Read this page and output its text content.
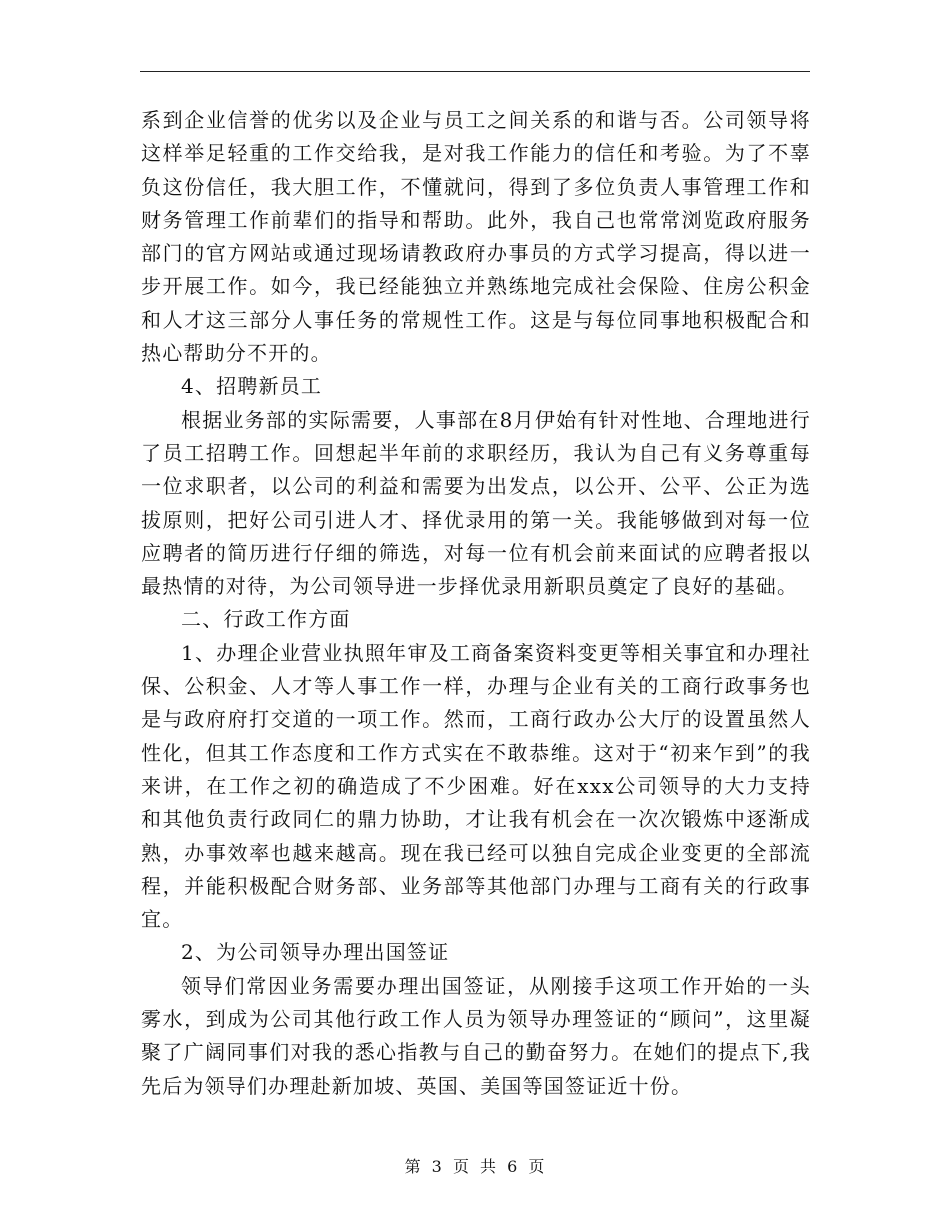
系到企业信誉的优劣以及企业与员工之间关系的和谐与否。公司领导将这样举足轻重的工作交给我，是对我工作能力的信任和考验。为了不辜负这份信任，我大胆工作，不懂就问，得到了多位负责人事管理工作和财务管理工作前辈们的指导和帮助。此外，我自己也常常浏览政府服务部门的官方网站或通过现场请教政府办事员的方式学习提高，得以进一步开展工作。如今，我已经能独立并熟练地完成社会保险、住房公积金和人才这三部分人事任务的常规性工作。这是与每位同事地积极配合和热心帮助分不开的。

4、招聘新员工

根据业务部的实际需要，人事部在8月伊始有针对性地、合理地进行了员工招聘工作。回想起半年前的求职经历，我认为自己有义务尊重每一位求职者，以公司的利益和需要为出发点，以公开、公平、公正为选拔原则，把好公司引进人才、择优录用的第一关。我能够做到对每一位应聘者的简历进行仔细的筛选，对每一位有机会前来面试的应聘者报以最热情的对待，为公司领导进一步择优录用新职员奠定了良好的基础。

二、行政工作方面

1、办理企业营业执照年审及工商备案资料变更等相关事宜和办理社保、公积金、人才等人事工作一样，办理与企业有关的工商行政事务也是与政府府打交道的一项工作。然而，工商行政办公大厅的设置虽然人性化，但其工作态度和工作方式实在不敢恭维。这对于“初来乍到”的我来讲，在工作之初的确造成了不少困难。好在xxx公司领导的大力支持和其他负责行政同仁的鼎力协助，才让我有机会在一次次锻炼中逐渐成熟，办事效率也越来越高。现在我已经可以独自完成企业变更的全部流程，并能积极配合财务部、业务部等其他部门办理与工商有关的行政事宜。

2、为公司领导办理出国签证

领导们常因业务需要办理出国签证，从刚接手这项工作开始的一头雾水，到成为公司其他行政工作人员为领导办理签证的“顾问”，这里凝聚了广阔同事们对我的悉心指教与自己的勤奋努力。在她们的提点下,我先后为领导们办理赴新加坡、英国、美国等国签证近十份。

第 3 页 共 6 页
